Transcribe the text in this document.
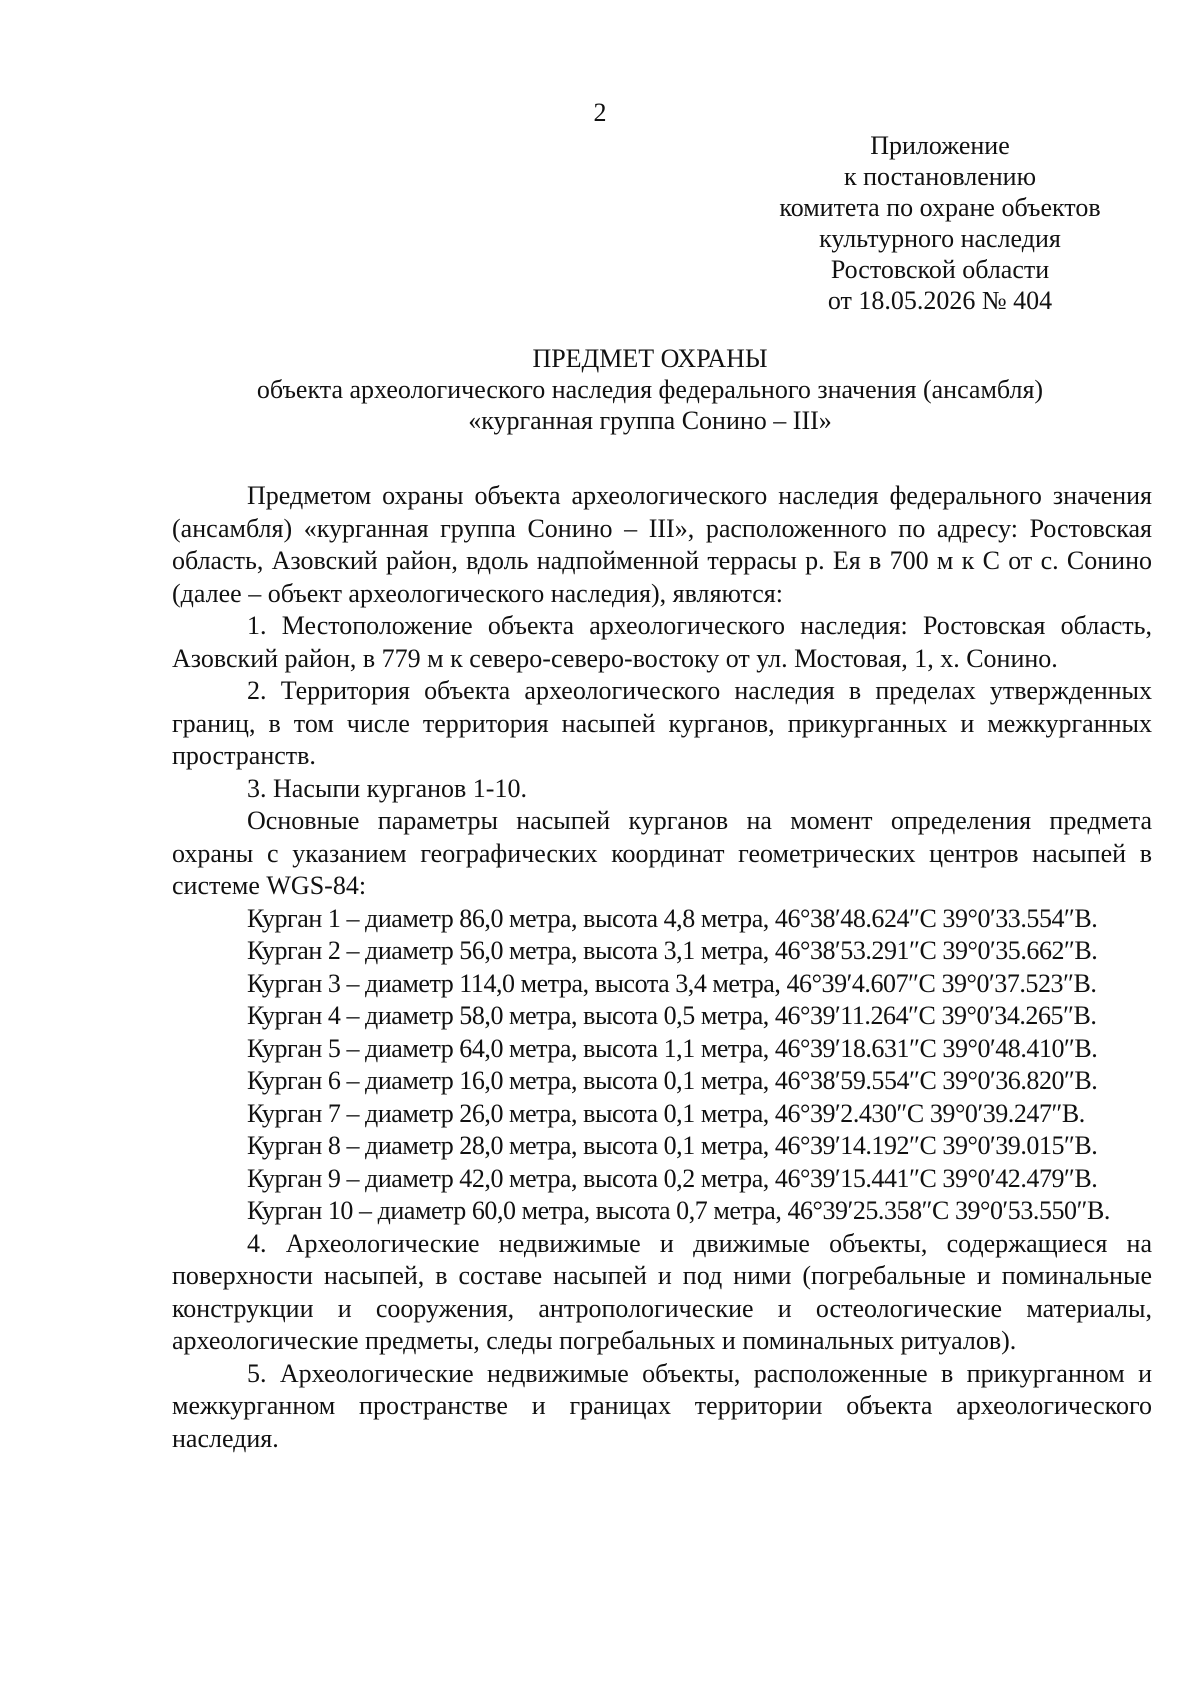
2
Приложение
к постановлению
комитета по охране объектов
культурного наследия
Ростовской области
от 18.05.2026 № 404
ПРЕДМЕТ ОХРАНЫ
объекта археологического наследия федерального значения (ансамбля)
«курганная группа Сонино – III»

Предметом охраны объекта археологического наследия федерального значения (ансамбля) «курганная группа Сонино – III», расположенного по адресу: Ростовская область, Азовский район, вдоль надпойменной террасы р. Ея в 700 м к С от с. Сонино (далее – объект археологического наследия), являются:

1. Местоположение объекта археологического наследия: Ростовская область, Азовский район, в 779 м к северо-северо-востоку от ул. Мостовая, 1, х. Сонино.

2. Территория объекта археологического наследия в пределах утвержденных границ, в том числе территория насыпей курганов, прикурганных и межкурганных пространств.

3. Насыпи курганов 1-10.

Основные параметры насыпей курганов на момент определения предмета охраны с указанием географических координат геометрических центров насыпей в системе WGS-84:

Курган 1 – диаметр 86,0 метра, высота 4,8 метра, 46°38′48.624″С 39°0′33.554″В.

Курган 2 – диаметр 56,0 метра, высота 3,1 метра, 46°38′53.291″С 39°0′35.662″В.

Курган 3 – диаметр 114,0 метра, высота 3,4 метра, 46°39′4.607″С 39°0′37.523″В.

Курган 4 – диаметр 58,0 метра, высота 0,5 метра, 46°39′11.264″С 39°0′34.265″В.

Курган 5 – диаметр 64,0 метра, высота 1,1 метра, 46°39′18.631″С 39°0′48.410″В.

Курган 6 – диаметр 16,0 метра, высота 0,1 метра, 46°38′59.554″С 39°0′36.820″В.

Курган 7 – диаметр 26,0 метра, высота 0,1 метра, 46°39′2.430″С 39°0′39.247″В.

Курган 8 – диаметр 28,0 метра, высота 0,1 метра, 46°39′14.192″С 39°0′39.015″В.

Курган 9 – диаметр 42,0 метра, высота 0,2 метра, 46°39′15.441″С 39°0′42.479″В.

Курган 10 – диаметр 60,0 метра, высота 0,7 метра, 46°39′25.358″С 39°0′53.550″В.

4. Археологические недвижимые и движимые объекты, содержащиеся на поверхности насыпей, в составе насыпей и под ними (погребальные и поминальные конструкции и сооружения, антропологические и остеологические материалы, археологические предметы, следы погребальных и поминальных ритуалов).

5. Археологические недвижимые объекты, расположенные в прикурганном и межкурганном пространстве и границах территории объекта археологического наследия.
